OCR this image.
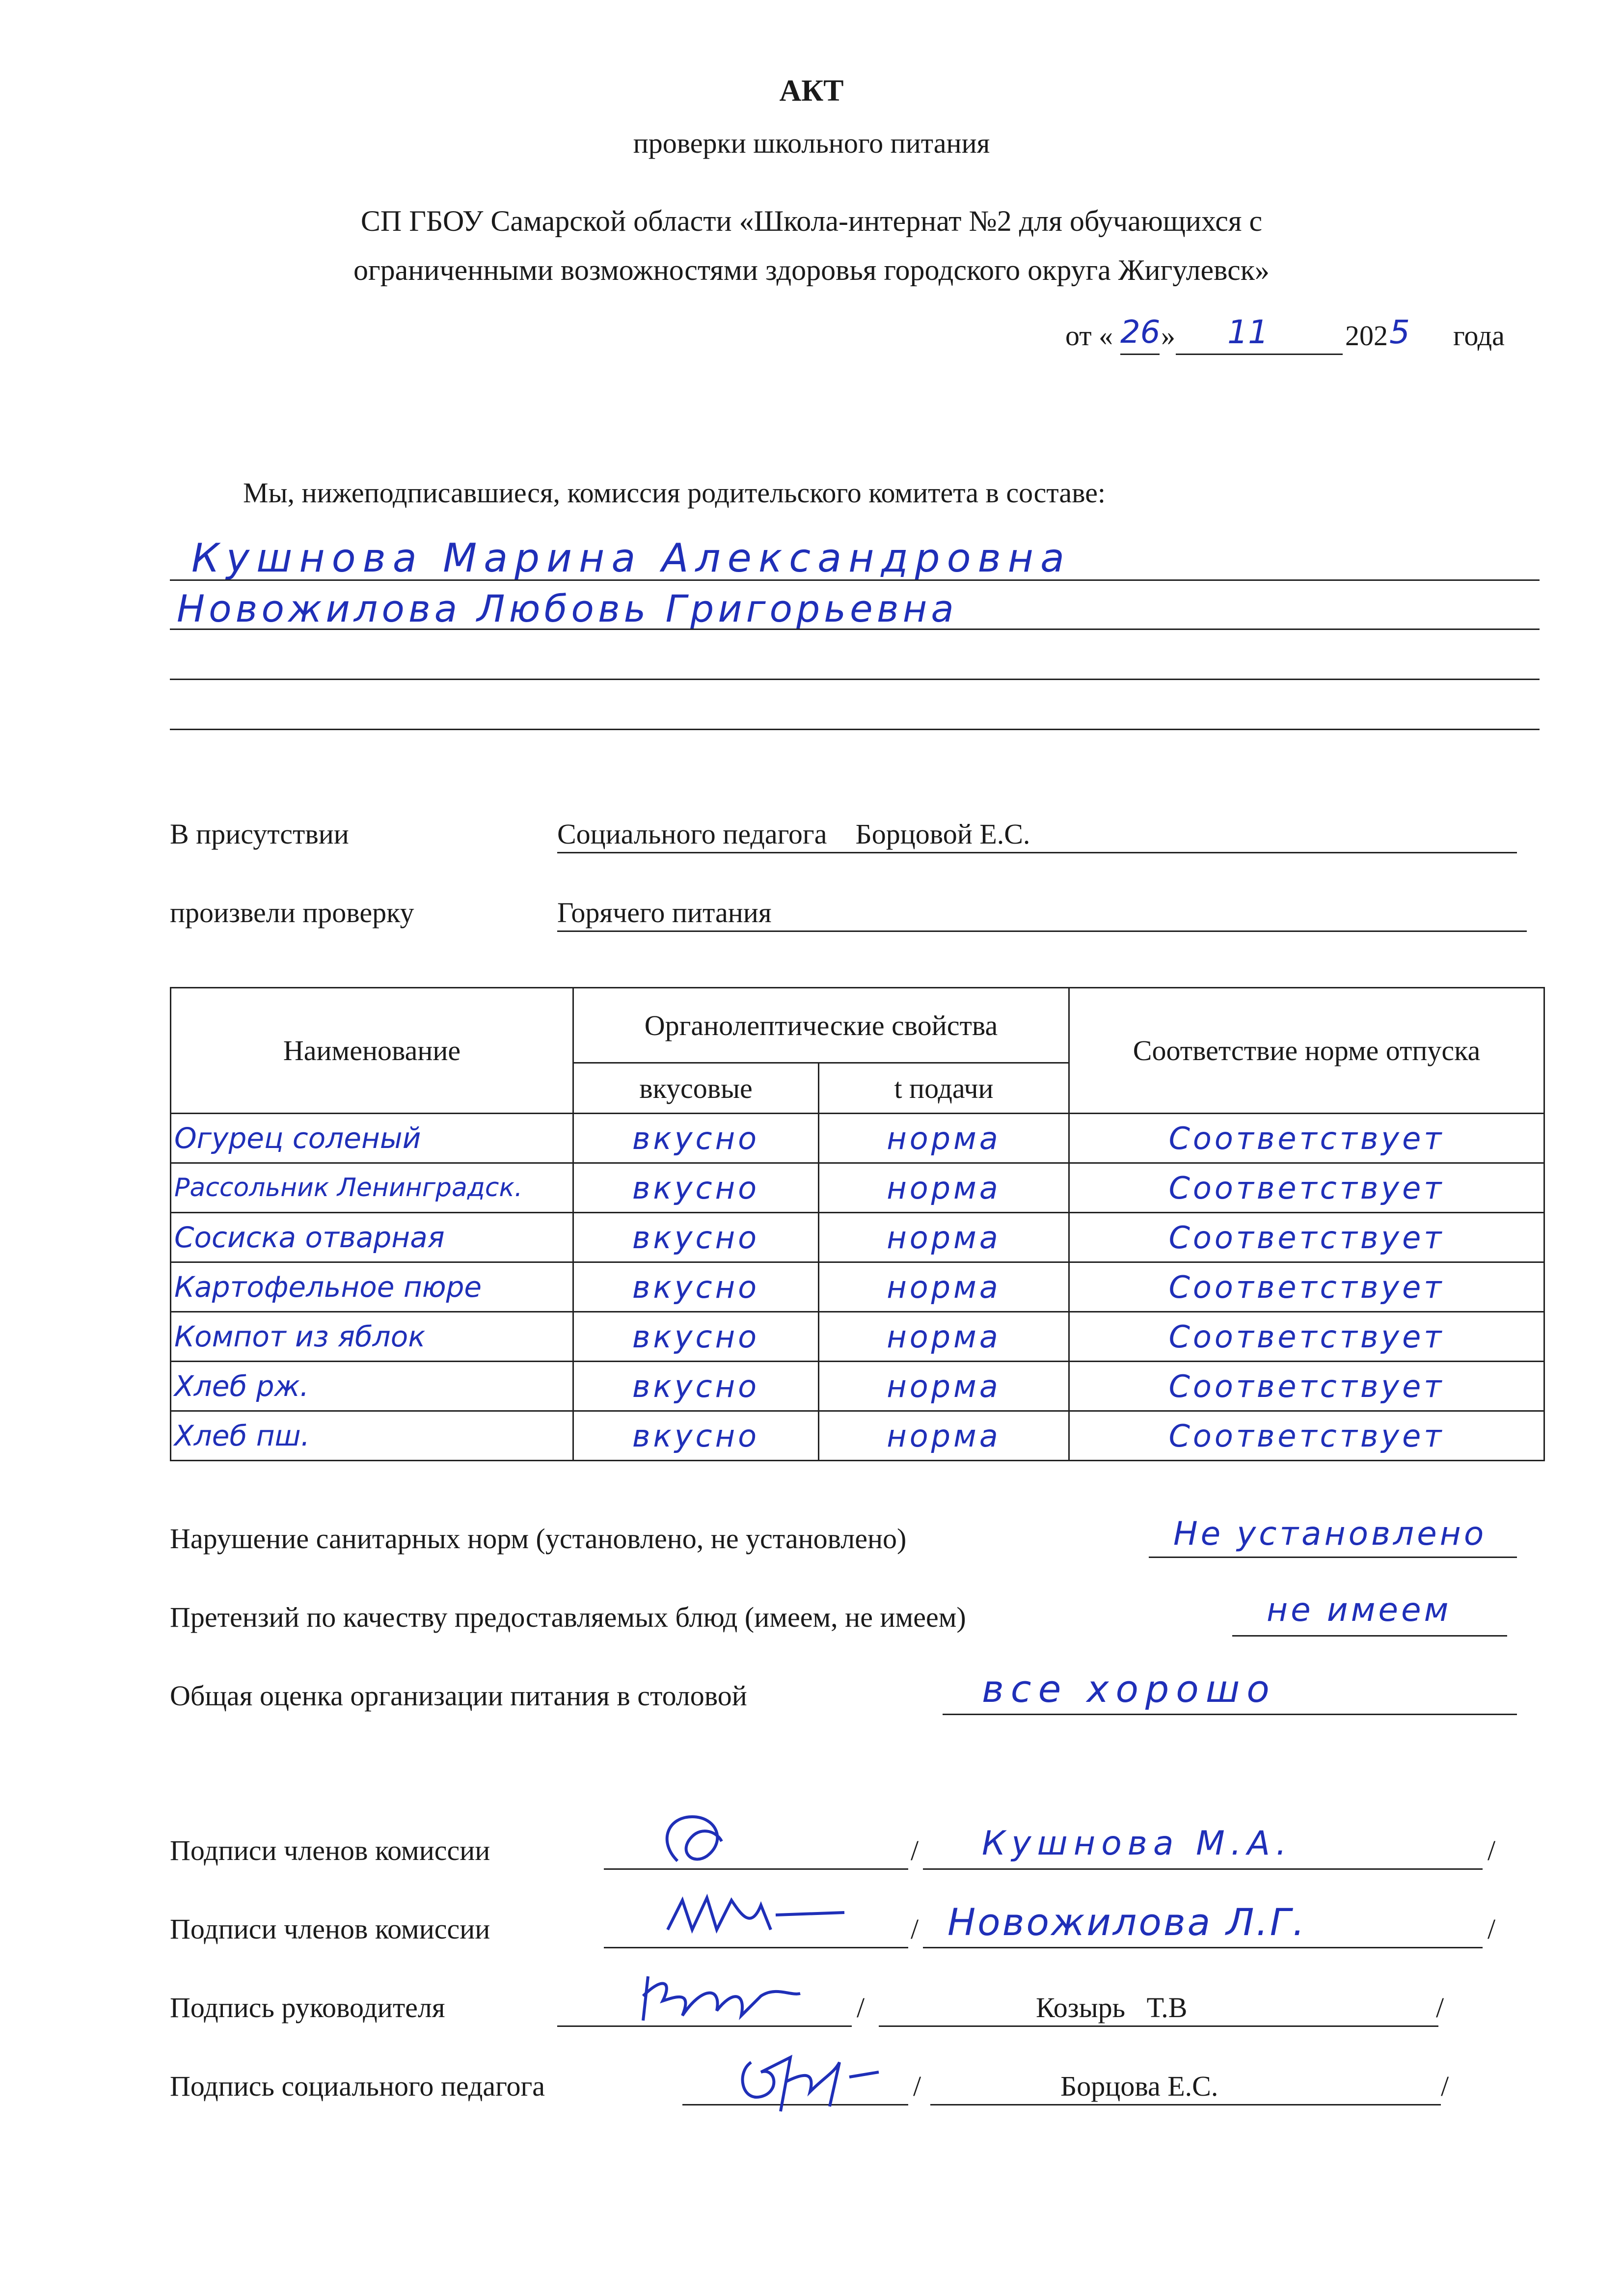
АКТ
проверки школьного питания
СП ГБОУ Самарской области «Школа-интернат №2 для обучающихся с
ограниченными возможностями здоровья городского округа Жигулевск»
от « 26 » 11	202 5 года
Мы, нижеподписавшиеся, комиссия родительского комитета в составе:
Кушнова Марина Александровна
Новожилова Любовь Григорьевна
В присутствии	Социального педагога    Борцовой Е.С.
произвели проверку	Горячего питания
Наименование	Органолептические свойства		Соответствие норме отпуска
	вкусовые	t подачи	
Огурец соленый	вкусно	норма	Соответствует
Рассольник Ленинградск.	вкусно	норма	Соответствует
Сосиска отварная	вкусно	норма	Соответствует
Картофельное пюре	вкусно	норма	Соответствует
Компот из яблок	вкусно	норма	Соответствует
Хлеб рж.	вкусно	норма	Соответствует
Хлеб пш.	вкусно	норма	Соответствует
Нарушение санитарных норм (установлено, не установлено)	Не установлено
Претензий по качеству предоставляемых блюд (имеем, не имеем)	не имеем
Общая оценка организации питания в столовой	все хорошо
Подписи членов комиссии	/ Кушнова М.А.	/
Подписи членов комиссии	/ Новожилова Л.Г.	/
Подпись руководителя	/	Козырь   Т.В	/
Подпись социального педагога	/	Борцова Е.С.	/
